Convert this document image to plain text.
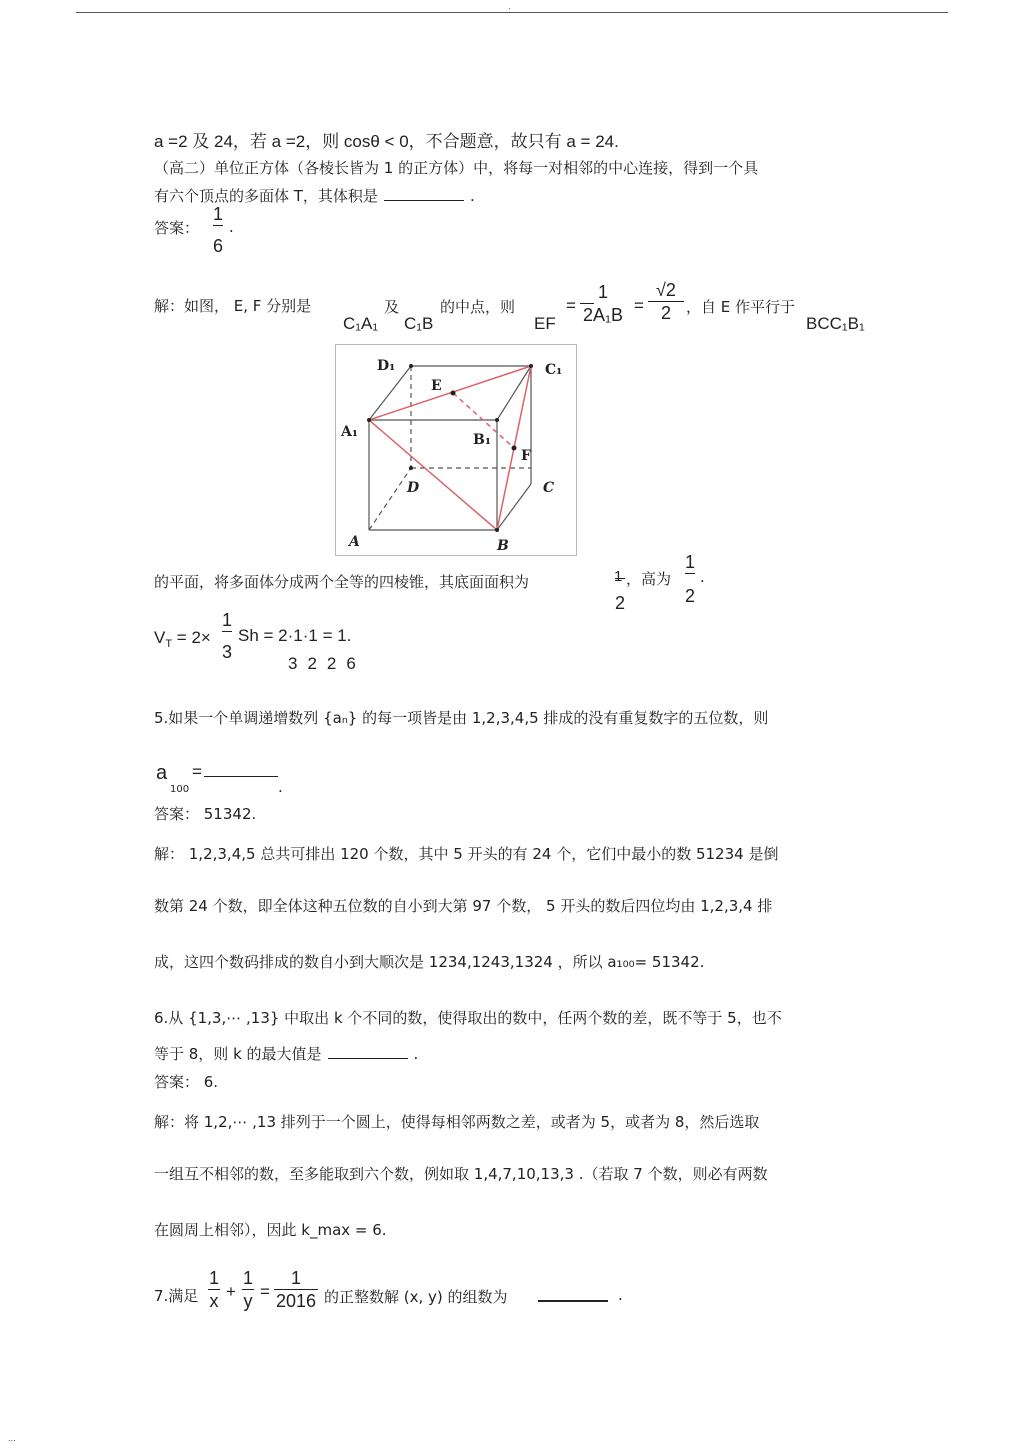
.
a =2 及 24，若 a =2，则 cosθ < 0，不合题意，故只有 a = 24.
（高二）单位正方体（各棱长皆为 1 的正方体）中，将每一对相邻的中心连接，得到一个具
有六个顶点的多面体 T，其体积是	.
答案：
1
6
.
解：如图， E, F 分别是
C₁A₁
及
C₁B
的中点，则
EF
=
1
2A₁B =
√2
2	，自 E 作平行于
BCC₁B₁
D₁	C₁
E
A₁	B₁
F
D	C
A	B
的平面，将多面体分成两个全等的四棱锥，其底面面积为
2
1 ，高为
1
2
.
$V_T = 2\times$
1
3
Sh = 2·1·1 = 1.
3226
5.如果一个单调递增数列 {aₙ} 的每一项皆是由 1,2,3,4,5 排成的没有重复数字的五位数，则
a
100
=
.
答案： 51342.
解： 1,2,3,4,5 总共可排出 120 个数，其中 5 开头的有 24 个，它们中最小的数 51234 是倒
数第 24 个数，即全体这种五位数的自小到大第 97 个数， 5 开头的数后四位均由 1,2,3,4 排
成，这四个数码排成的数自小到大顺次是 1234,1243,1324 ，所以 a₁₀₀= 51342.
6.从 {1,3,⋯ ,13} 中取出 k 个不同的数，使得取出的数中，任两个数的差，既不等于 5，也不
等于 8，则 k 的最大值是	.
答案： 6.
解：将 1,2,⋯ ,13 排列于一个圆上，使得每相邻两数之差，或者为 5，或者为 8，然后选取
一组互不相邻的数，至多能取到六个数，例如取 1,4,7,10,13,3 .（若取 7 个数，则必有两数
在圆周上相邻），因此 k_max = 6.
7.满足
1
x +
1
y =
1
2016 的正整数解 (x, y) 的组数为	.
...
